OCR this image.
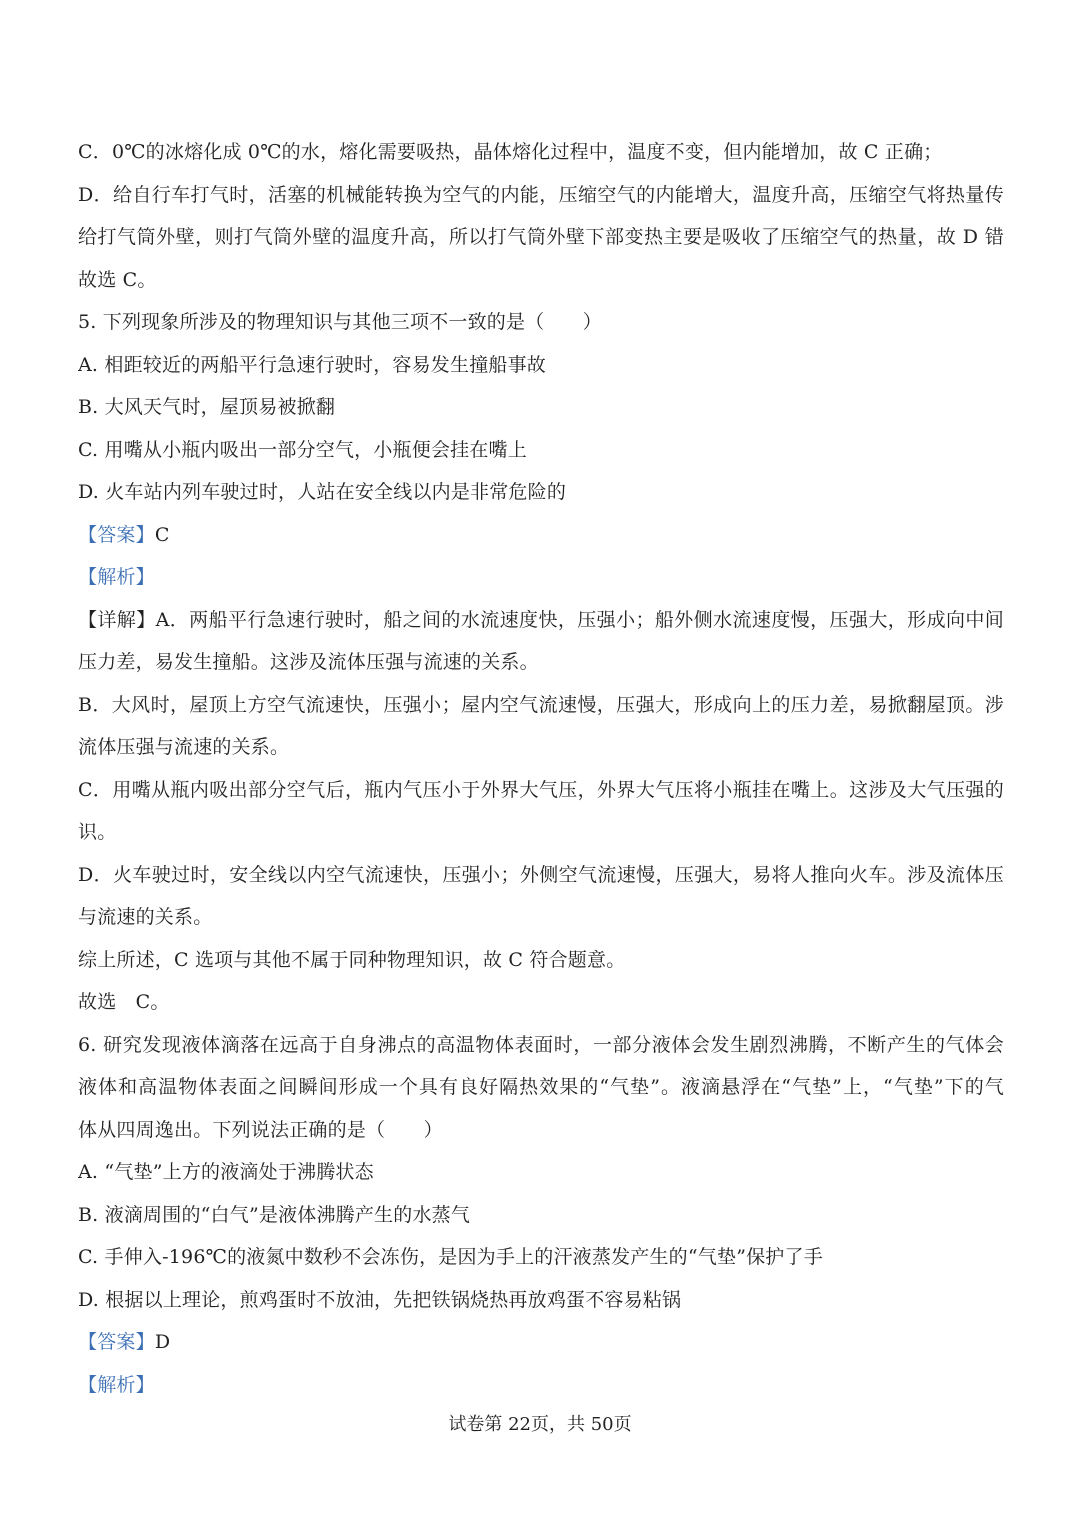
C．0℃的冰熔化成 0℃的水，熔化需要吸热，晶体熔化过程中，温度不变，但内能增加，故 C 正确；
D．给自行车打气时，活塞的机械能转换为空气的内能，压缩空气的内能增大，温度升高，压缩空气将热量传
给打气筒外壁，则打气筒外壁的温度升高，所以打气筒外壁下部变热主要是吸收了压缩空气的热量，故 D 错
故选 C。
5. 下列现象所涉及的物理知识与其他三项不一致的是（　　）
A. 相距较近的两船平行急速行驶时，容易发生撞船事故
B. 大风天气时，屋顶易被掀翻
C. 用嘴从小瓶内吸出一部分空气，小瓶便会挂在嘴上
D. 火车站内列车驶过时，人站在安全线以内是非常危险的
【答案】C
【解析】
【详解】A．两船平行急速行驶时，船之间的水流速度快，压强小；船外侧水流速度慢，压强大，形成向中间
压力差，易发生撞船。这涉及流体压强与流速的关系。
B．大风时，屋顶上方空气流速快，压强小；屋内空气流速慢，压强大，形成向上的压力差，易掀翻屋顶。涉
流体压强与流速的关系。
C．用嘴从瓶内吸出部分空气后，瓶内气压小于外界大气压，外界大气压将小瓶挂在嘴上。这涉及大气压强的
识。
D．火车驶过时，安全线以内空气流速快，压强小；外侧空气流速慢，压强大，易将人推向火车。涉及流体压
与流速的关系。
综上所述，C 选项与其他不属于同种物理知识，故 C 符合题意。
故选　C。
6. 研究发现液体滴落在远高于自身沸点的高温物体表面时，一部分液体会发生剧烈沸腾，不断产生的气体会
液体和高温物体表面之间瞬间形成一个具有良好隔热效果的“气垫”。液滴悬浮在“气垫”上，“气垫”下的气
体从四周逸出。下列说法正确的是（　　）
A. “气垫”上方的液滴处于沸腾状态
B. 液滴周围的“白气”是液体沸腾产生的水蒸气
C. 手伸入-196℃的液氮中数秒不会冻伤，是因为手上的汗液蒸发产生的“气垫”保护了手
D. 根据以上理论，煎鸡蛋时不放油，先把铁锅烧热再放鸡蛋不容易粘锅
【答案】D
【解析】
试卷第 22页，共 50页
